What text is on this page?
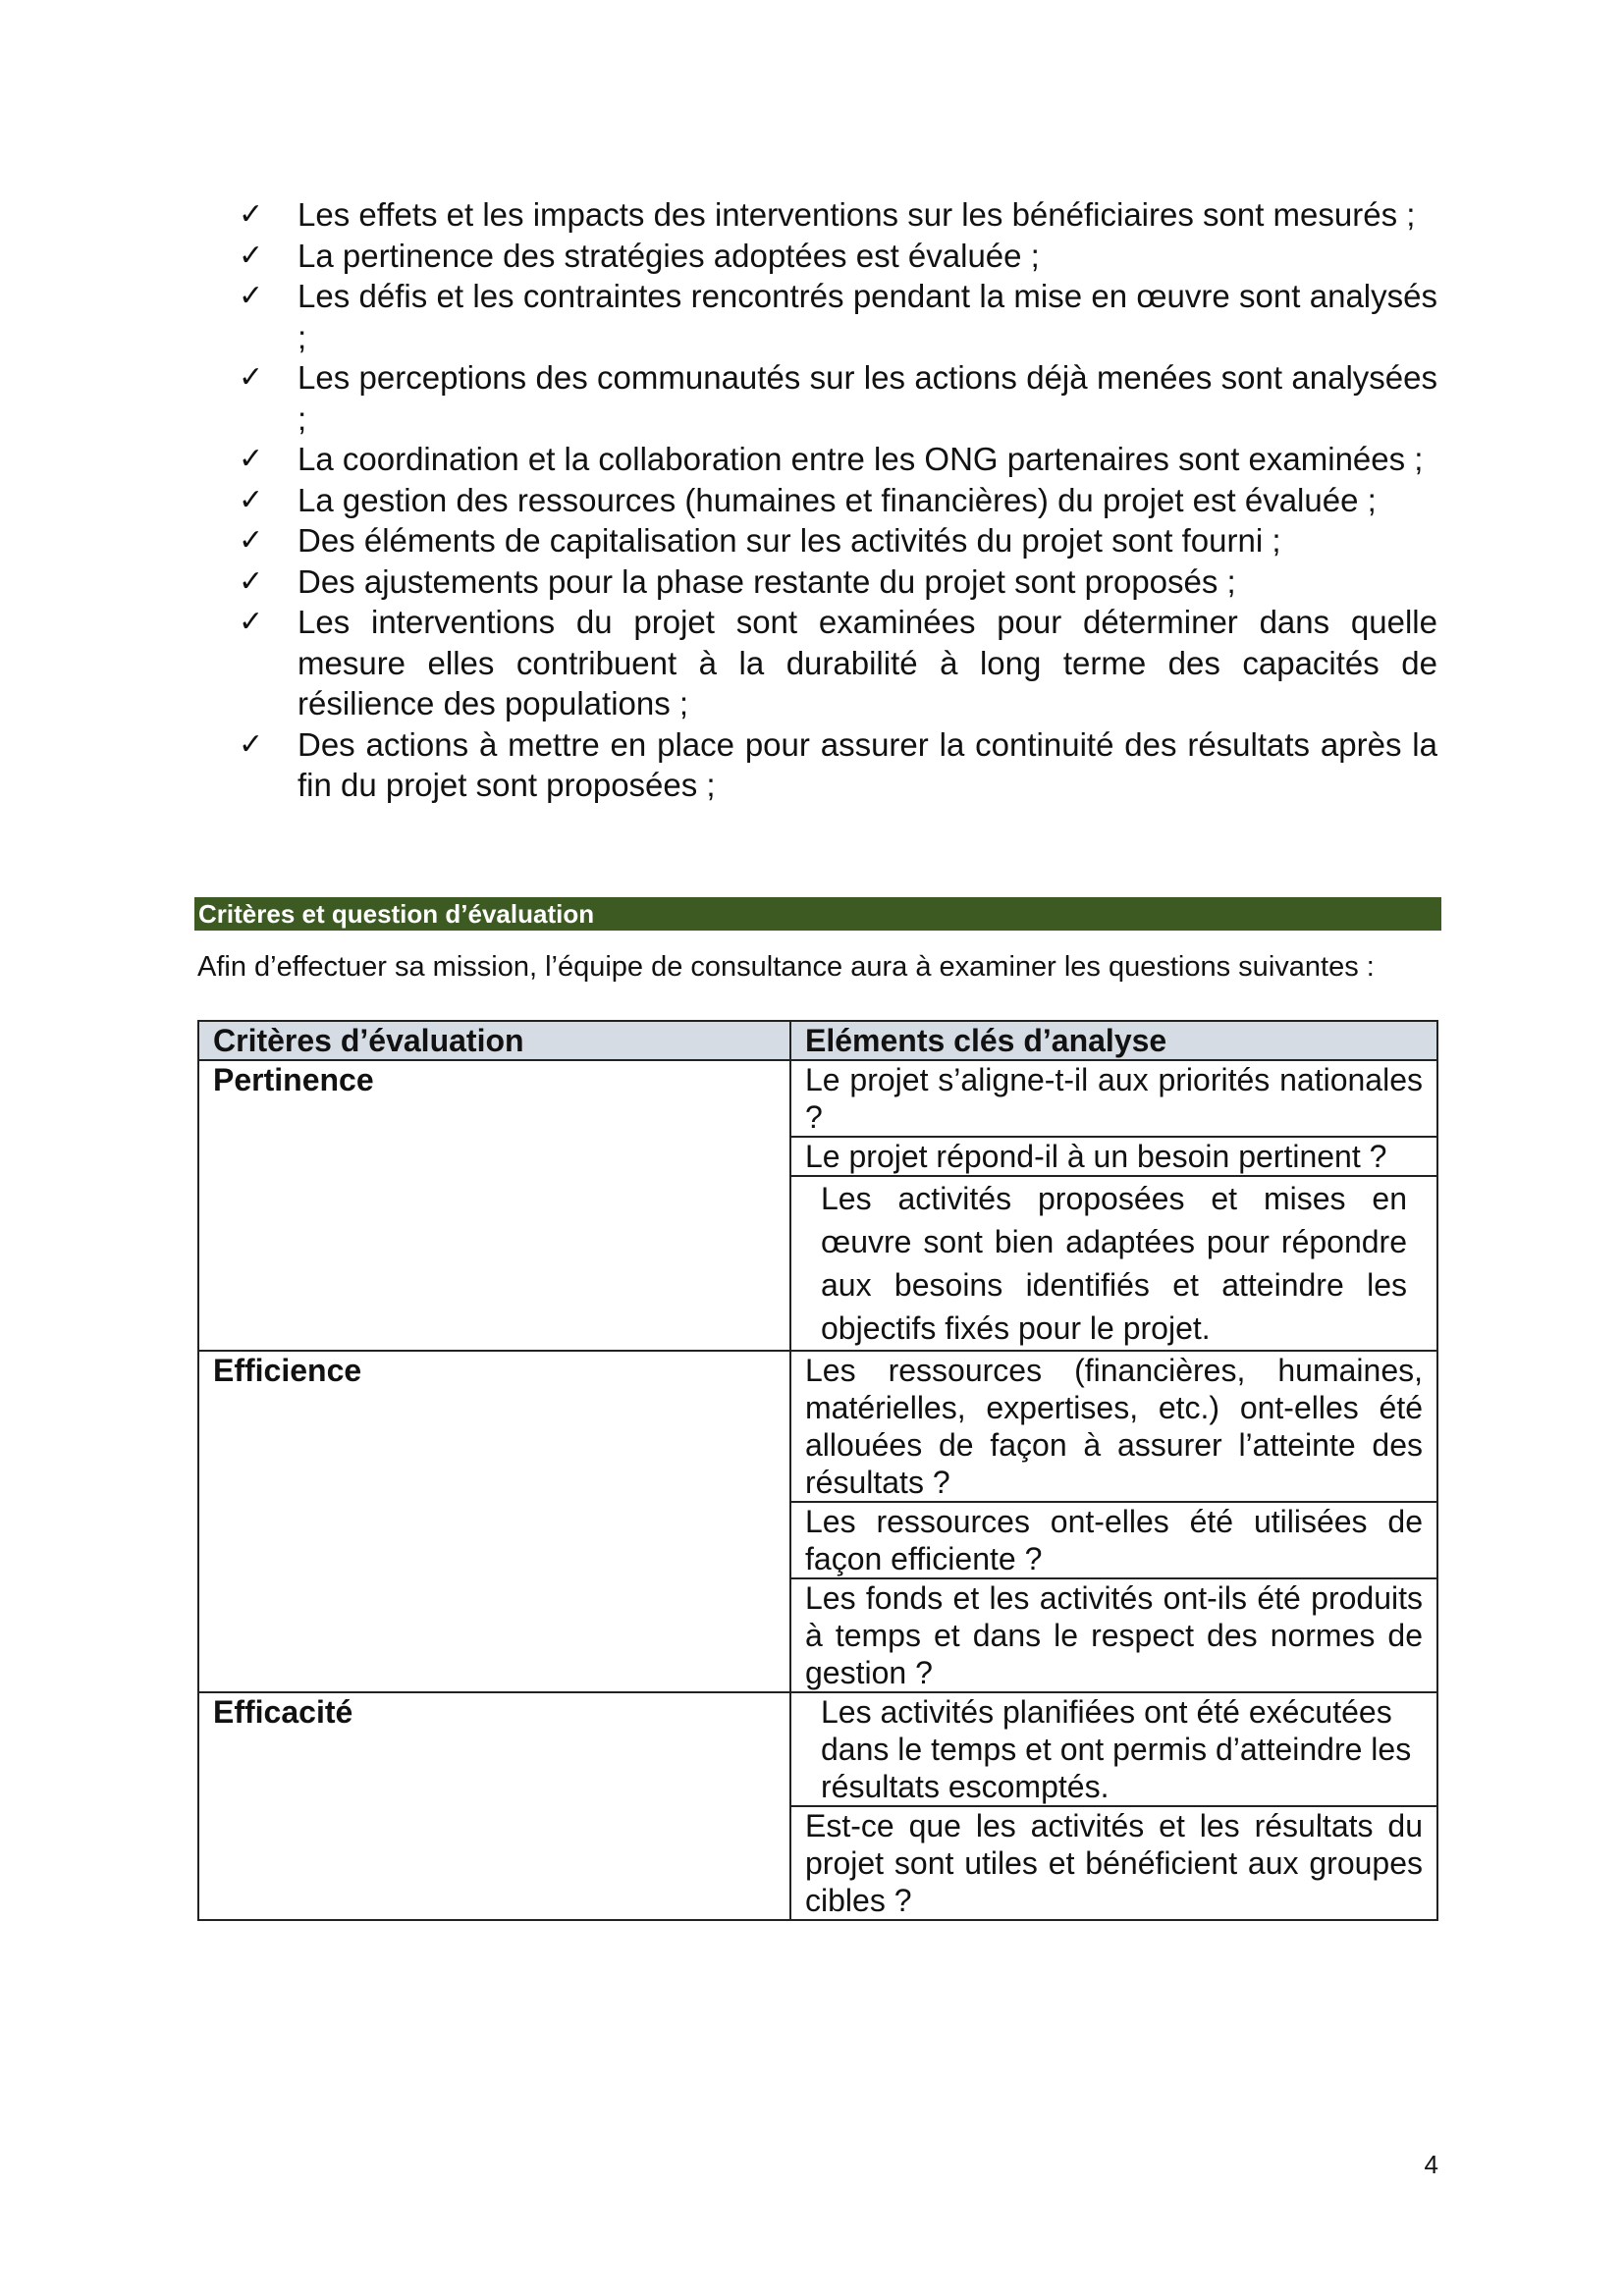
✓	Les effets et les impacts des interventions sur les bénéficiaires sont mesurés ;
✓	La pertinence des stratégies adoptées est évaluée ;
✓	Les défis et les contraintes rencontrés pendant la mise en œuvre sont analysés ;
✓	Les perceptions des communautés sur les actions déjà menées sont analysées ;
✓	La coordination et la collaboration entre les ONG partenaires sont examinées ;
✓	La gestion des ressources (humaines et financières) du projet est évaluée ;
✓	Des éléments de capitalisation sur les activités du projet sont fourni ;
✓	Des ajustements pour la phase restante du projet sont proposés ;
✓	Les interventions du projet sont examinées pour déterminer dans quelle mesure elles contribuent à la durabilité à long terme des capacités de résilience des populations ;
✓	Des actions à mettre en place pour assurer la continuité des résultats après la fin du projet sont proposées ;
Critères et question d’évaluation
Afin d’effectuer sa mission, l’équipe de consultance aura à examiner les questions suivantes :
Critères d’évaluation	Eléments clés d’analyse
Pertinence	Le projet s’aligne-t-il aux priorités nationales ?
	Le projet répond-il à un besoin pertinent ?
	Les activités proposées et mises en œuvre sont bien adaptées pour répondre aux besoins identifiés et atteindre les objectifs fixés pour le projet.
Efficience	Les ressources (financières, humaines, matérielles, expertises, etc.) ont-elles été allouées de façon à assurer l’atteinte des résultats ?
	Les ressources ont-elles été utilisées de façon efficiente ?
	Les fonds et les activités ont-ils été produits à temps et dans le respect des normes de gestion ?
Efficacité	Les activités planifiées ont été exécutées dans le temps et ont permis d’atteindre les résultats escomptés.
	Est-ce que les activités et les résultats du projet sont utiles et bénéficient aux groupes cibles ?
4
